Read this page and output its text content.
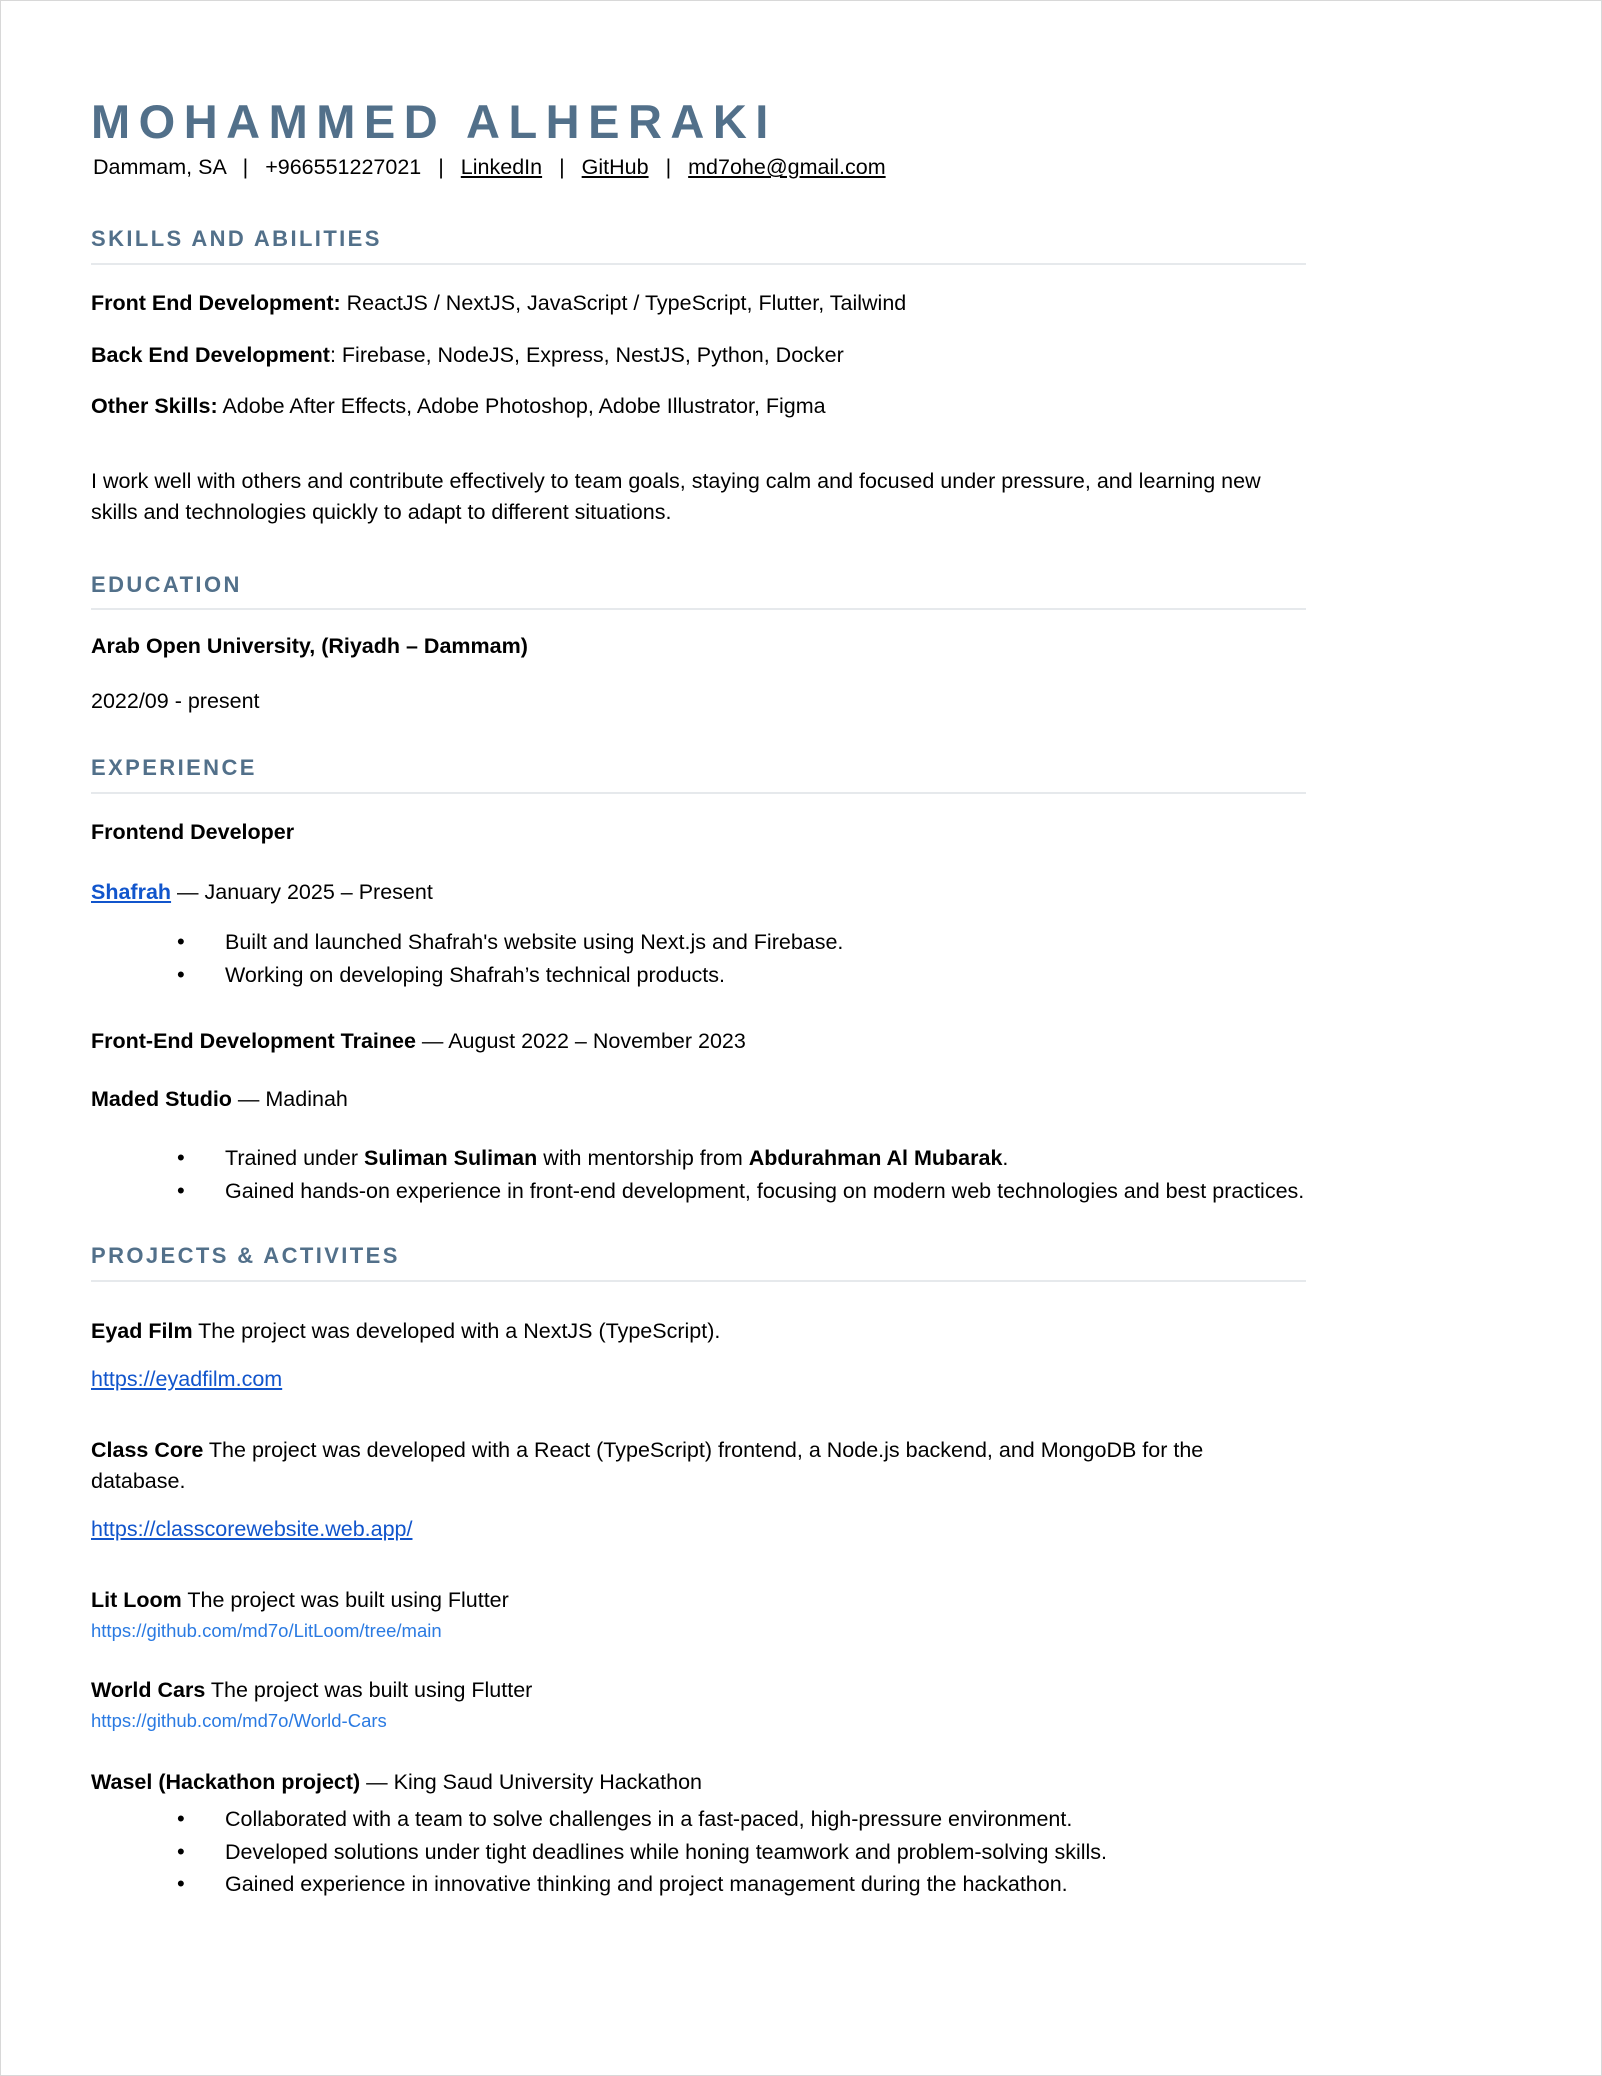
MOHAMMED ALHERAKI
Dammam, SA | +966551227021 | LinkedIn | GitHub | md7ohe@gmail.com
SKILLS AND ABILITIES

Front End Development: ReactJS / NextJS, JavaScript / TypeScript, Flutter, Tailwind

Back End Development: Firebase, NodeJS, Express, NestJS, Python, Docker

Other Skills: Adobe After Effects, Adobe Photoshop, Adobe Illustrator, Figma

I work well with others and contribute effectively to team goals, staying calm and focused under pressure, and learning new skills and technologies quickly to adapt to different situations.

EDUCATION

Arab Open University, (Riyadh – Dammam)

2022/09 - present

EXPERIENCE

Frontend Developer

Shafrah — January 2025 – Present

• Built and launched Shafrah's website using Next.js and Firebase.
• Working on developing Shafrah’s technical products.

Front-End Development Trainee — August 2022 – November 2023

Maded Studio — Madinah

• Trained under Suliman Suliman with mentorship from Abdurahman Al Mubarak.
• Gained hands-on experience in front-end development, focusing on modern web technologies and best practices.
PROJECTS & ACTIVITES

Eyad Film The project was developed with a NextJS (TypeScript).

https://eyadfilm.com

Class Core The project was developed with a React (TypeScript) frontend, a Node.js backend, and MongoDB for the database.

https://classcorewebsite.web.app/

Lit Loom The project was built using Flutter

https://github.com/md7o/LitLoom/tree/main

World Cars The project was built using Flutter

https://github.com/md7o/World-Cars

Wasel (Hackathon project) — King Saud University Hackathon

• Collaborated with a team to solve challenges in a fast-paced, high-pressure environment.
• Developed solutions under tight deadlines while honing teamwork and problem-solving skills.
• Gained experience in innovative thinking and project management during the hackathon.
